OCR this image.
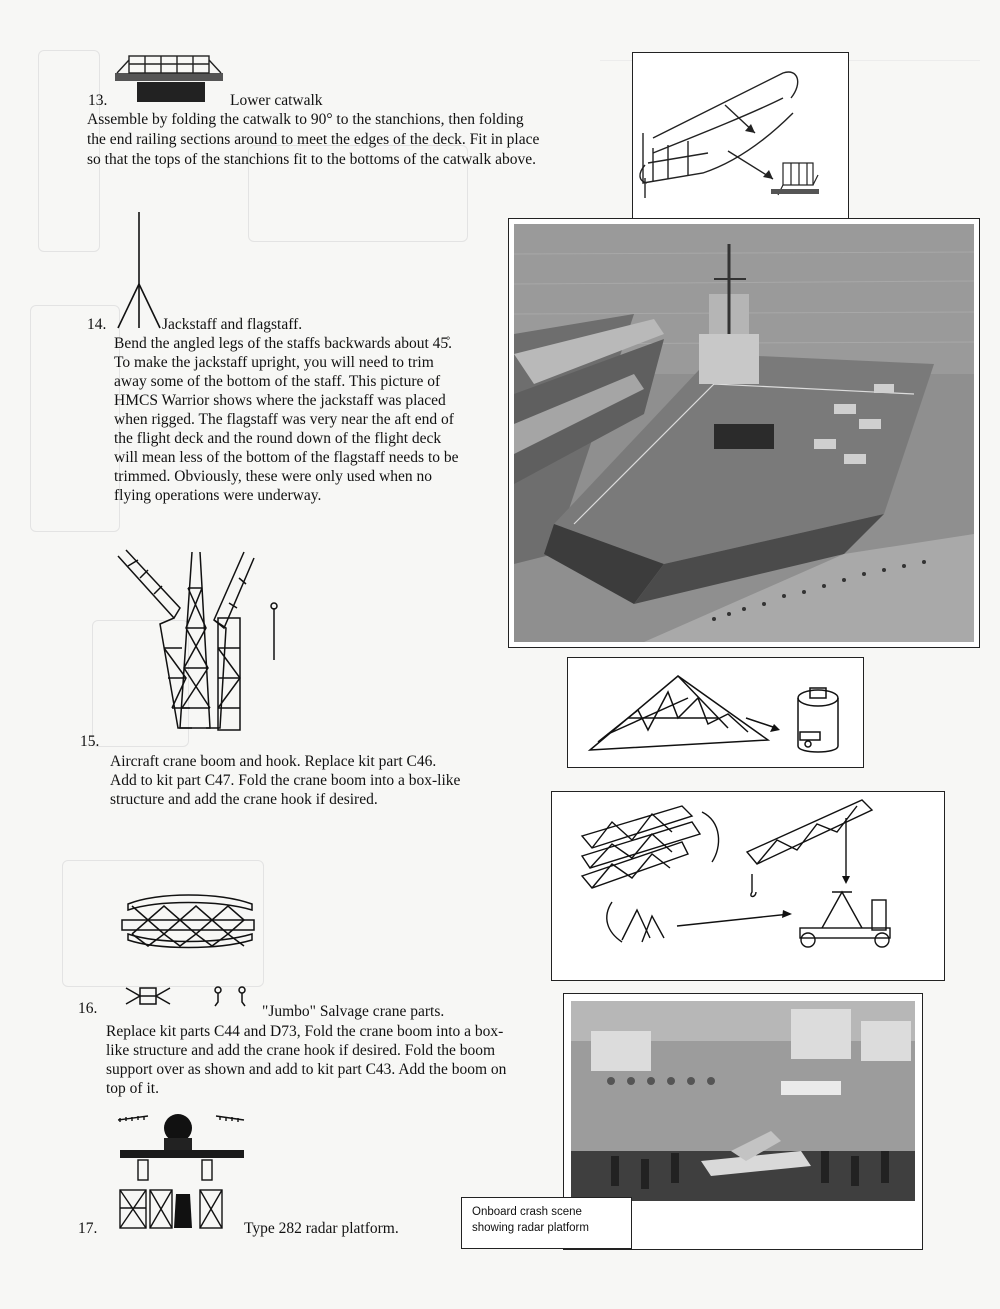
13.	Lower catwalk
Assemble by folding the catwalk to 90° to the stanchions, then folding
the end railing sections around to meet the edges of the deck. Fit in place
so that the tops of the stanchions fit to the bottoms of the catwalk above.
14.	Jackstaff and flagstaff.
Bend the angled legs of the staffs backwards about 45̊.
To make the jackstaff upright, you will need to trim
away some of the bottom of the staff. This picture of
HMCS Warrior shows where the jackstaff was placed
when rigged. The flagstaff was very near the aft end of
the flight deck and the round down of the flight deck
will mean less of the bottom of the flagstaff needs to be
trimmed. Obviously, these were only used when no
flying operations were underway.
15.
Aircraft crane boom and hook. Replace kit part C46.
Add to kit part C47. Fold the crane boom into a box-like
structure and add the crane hook if desired.
16.	"Jumbo" Salvage crane parts.
Replace kit parts C44 and D73, Fold the crane boom into a box-
like structure and add the crane hook if desired. Fold the boom
support over as shown and add to kit part C43. Add the boom on
top of it.
17.	Type 282 radar platform.
Onboard crash scene
showing radar platform
